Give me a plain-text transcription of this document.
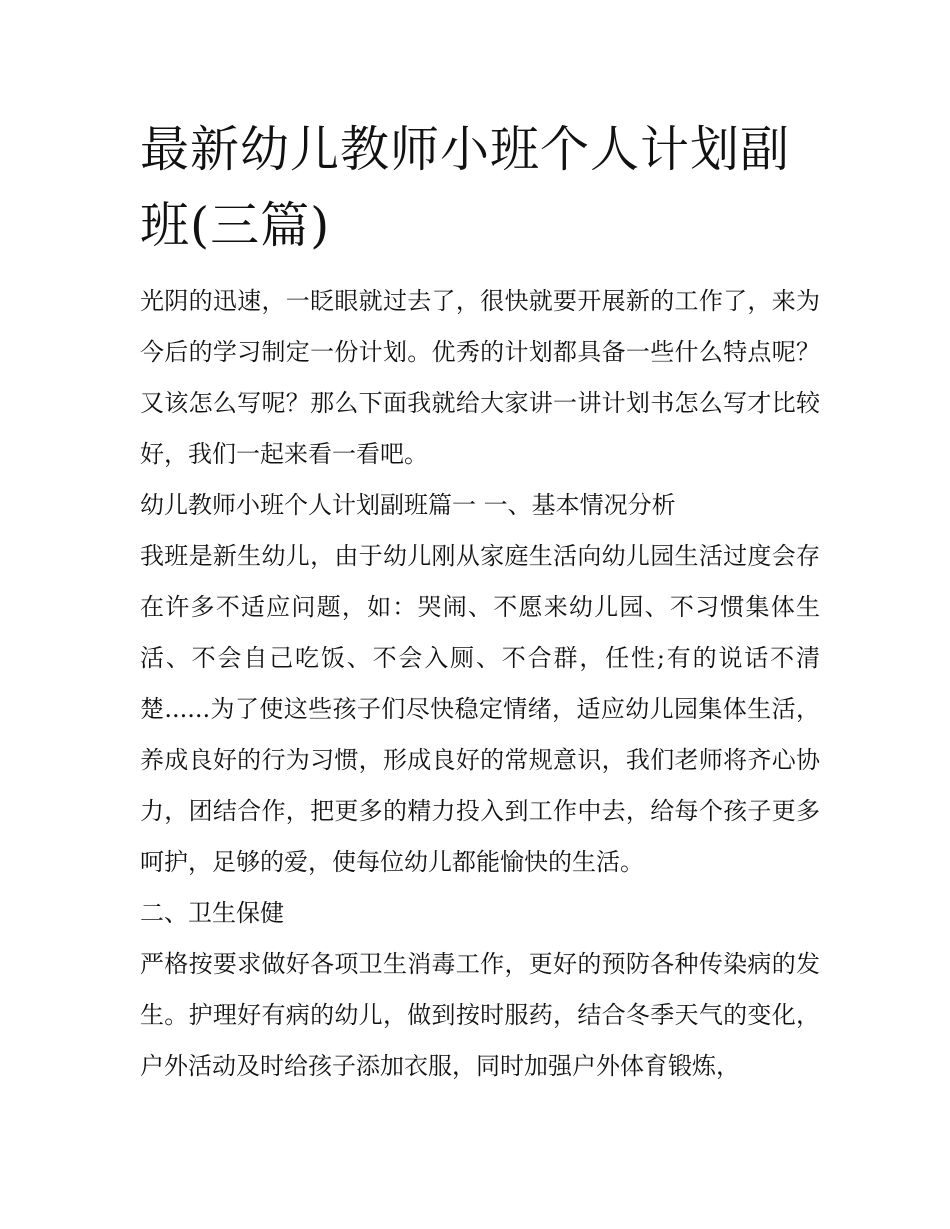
最新幼儿教师小班个人计划副班(三篇)

光阴的迅速，一眨眼就过去了，很快就要开展新的工作了，来为今后的学习制定一份计划。优秀的计划都具备一些什么特点呢？又该怎么写呢？那么下面我就给大家讲一讲计划书怎么写才比较好，我们一起来看一看吧。

幼儿教师小班个人计划副班篇一 一、基本情况分析

我班是新生幼儿，由于幼儿刚从家庭生活向幼儿园生活过度会存在许多不适应问题，如：哭闹、不愿来幼儿园、不习惯集体生活、不会自己吃饭、不会入厕、不合群，任性;有的说话不清楚......为了使这些孩子们尽快稳定情绪，适应幼儿园集体生活，养成良好的行为习惯，形成良好的常规意识，我们老师将齐心协力，团结合作，把更多的精力投入到工作中去，给每个孩子更多呵护，足够的爱，使每位幼儿都能愉快的生活。

二、卫生保健

严格按要求做好各项卫生消毒工作，更好的预防各种传染病的发生。护理好有病的幼儿，做到按时服药，结合冬季天气的变化，户外活动及时给孩子添加衣服，同时加强户外体育锻炼，
